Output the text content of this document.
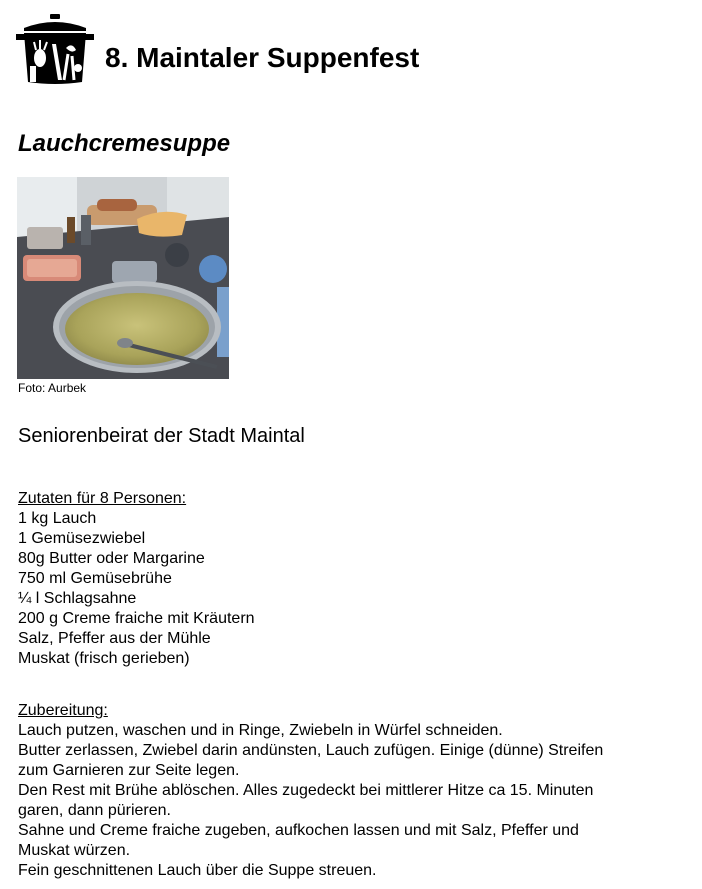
8. Maintaler Suppenfest
Lauchcremesuppe
Foto: Aurbek
Seniorenbeirat der Stadt Maintal
Zutaten für 8 Personen:
1 kg Lauch
1 Gemüsezwiebel
80g Butter oder Margarine
750 ml Gemüsebrühe
¼ l Schlagsahne
200 g Creme fraiche mit Kräutern
Salz, Pfeffer aus der Mühle
Muskat (frisch gerieben)
Zubereitung:
Lauch putzen, waschen und in Ringe, Zwiebeln in Würfel schneiden.
Butter zerlassen, Zwiebel darin andünsten, Lauch zufügen. Einige (dünne) Streifen
zum Garnieren zur Seite legen.
Den Rest mit Brühe ablöschen. Alles zugedeckt bei mittlerer Hitze ca 15. Minuten
garen, dann pürieren.
Sahne und Creme fraiche zugeben, aufkochen lassen und mit Salz, Pfeffer und
Muskat würzen.
Fein geschnittenen Lauch über die Suppe streuen.
